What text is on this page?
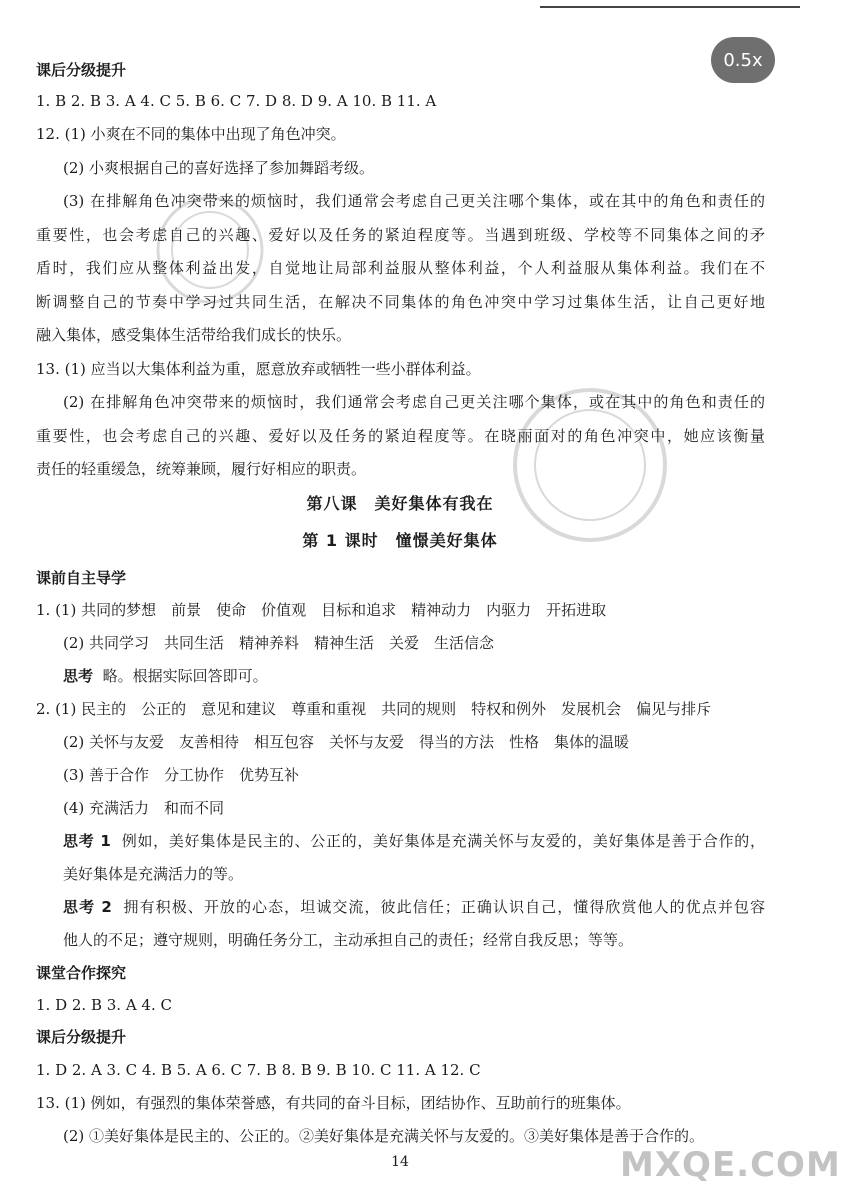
0.5x
课后分级提升
1. B 2. B 3. A 4. C 5. B 6. C 7. D 8. D 9. A 10. B 11. A
12. (1) 小爽在不同的集体中出现了角色冲突。
(2) 小爽根据自己的喜好选择了参加舞蹈考级。
(3) 在排解角色冲突带来的烦恼时，我们通常会考虑自己更关注哪个集体，或在其中的角色和责任的
重要性，也会考虑自己的兴趣、爱好以及任务的紧迫程度等。当遇到班级、学校等不同集体之间的矛
盾时，我们应从整体利益出发，自觉地让局部利益服从整体利益，个人利益服从集体利益。我们在不
断调整自己的节奏中学习过共同生活，在解决不同集体的角色冲突中学习过集体生活，让自己更好地
融入集体，感受集体生活带给我们成长的快乐。
13. (1) 应当以大集体利益为重，愿意放弃或牺牲一些小群体利益。
(2) 在排解角色冲突带来的烦恼时，我们通常会考虑自己更关注哪个集体，或在其中的角色和责任的
重要性，也会考虑自己的兴趣、爱好以及任务的紧迫程度等。在晓丽面对的角色冲突中，她应该衡量
责任的轻重缓急，统筹兼顾，履行好相应的职责。
第八课　美好集体有我在
第 1 课时　憧憬美好集体
课前自主导学
1. (1) 共同的梦想　前景　使命　价值观　目标和追求　精神动力　内驱力　开拓进取
(2) 共同学习　共同生活　精神养料　精神生活　关爱　生活信念
思考 略。根据实际回答即可。
2. (1) 民主的　公正的　意见和建议　尊重和重视　共同的规则　特权和例外　发展机会　偏见与排斥
(2) 关怀与友爱　友善相待　相互包容　关怀与友爱　得当的方法　性格　集体的温暖
(3) 善于合作　分工协作　优势互补
(4) 充满活力　和而不同
思考 1 例如，美好集体是民主的、公正的，美好集体是充满关怀与友爱的，美好集体是善于合作的，
美好集体是充满活力的等。
思考 2 拥有积极、开放的心态，坦诚交流，彼此信任；正确认识自己，懂得欣赏他人的优点并包容
他人的不足；遵守规则，明确任务分工，主动承担自己的责任；经常自我反思；等等。
课堂合作探究
1. D 2. B 3. A 4. C
课后分级提升
1. D 2. A 3. C 4. B 5. A 6. C 7. B 8. B 9. B 10. C 11. A 12. C
13. (1) 例如，有强烈的集体荣誉感，有共同的奋斗目标，团结协作、互助前行的班集体。
(2) ①美好集体是民主的、公正的。②美好集体是充满关怀与友爱的。③美好集体是善于合作的。
14	MXQE.COM
